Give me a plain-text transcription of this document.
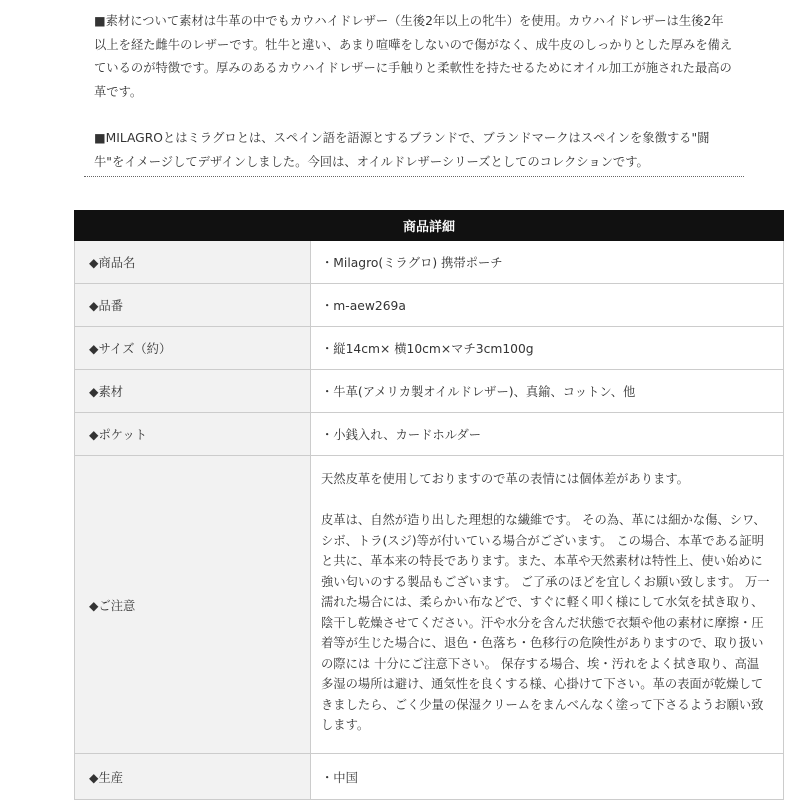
■素材について素材は牛革の中でもカウハイドレザー（生後2年以上の牝牛）を使用。カウハイドレザーは生後2年以上を経た雌牛のレザーです。牡牛と違い、あまり喧嘩をしないので傷がなく、成牛皮のしっかりとした厚みを備えているのが特徴です。厚みのあるカウハイドレザーに手触りと柔軟性を持たせるためにオイル加工が施された最高の革です。

■MILAGROとはミラグロとは、スペイン語を語源とするブランドで、ブランドマークはスペインを象徴する"闘牛"をイメージしてデザインしました。今回は、オイルドレザーシリーズとしてのコレクションです。

商品詳細	
◆商品名	・Milagro(ミラグロ) 携帯ポーチ
◆品番	・m-aew269a
◆サイズ（約）	・縦14cm× 横10cm×マチ3cm100g
◆素材	・牛革(アメリカ製オイルドレザー)、真鍮、コットン、他
◆ポケット	・小銭入れ、カードホルダー
◆ご注意	天然皮革を使用しておりますので革の表情には個体差があります。

皮革は、自然が造り出した理想的な繊維です。 その為、革には細かな傷、シワ、シボ、トラ(スジ)等が付いている場合がございます。 この場合、本革である証明と共に、革本来の特長であります。また、本革や天然素材は特性上、使い始めに強い匂いのする製品もございます。 ご了承のほどを宜しくお願い致します。 万一濡れた場合には、柔らかい布などで、すぐに軽く叩く様にして水気を拭き取り、 陰干し乾燥させてください。汗や水分を含んだ状態で衣類や他の素材に摩擦・圧着等が生じた場合に、退色・色落ち・色移行の危険性がありますので、取り扱いの際には 十分にご注意下さい。 保存する場合、埃・汚れをよく拭き取り、高温多湿の場所は避け、通気性を良くする様、心掛けて下さい。革の表面が乾燥してきましたら、ごく少量の保湿クリームをまんべんなく塗って下さるようお願い致します。

◆生産	・中国
